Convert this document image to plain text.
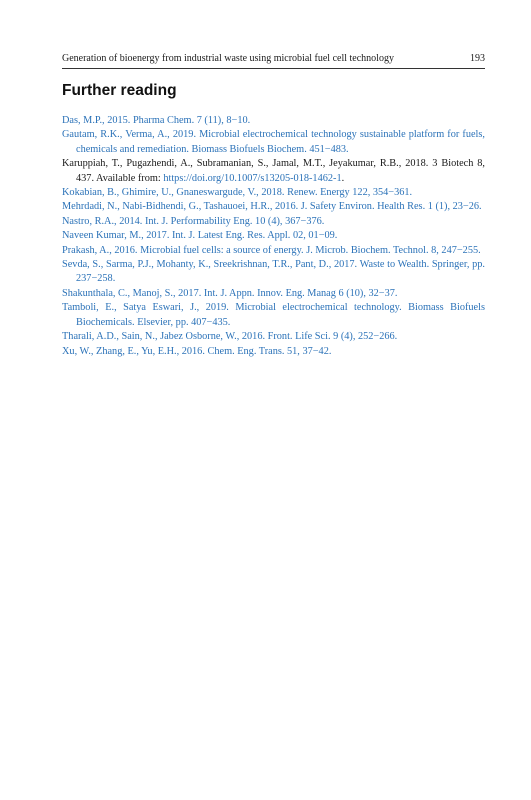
Generation of bioenergy from industrial waste using microbial fuel cell technology	193
Further reading
Das, M.P., 2015. Pharma Chem. 7 (11), 8−10.
Gautam, R.K., Verma, A., 2019. Microbial electrochemical technology sustainable platform for fuels, chemicals and remediation. Biomass Biofuels Biochem. 451−483.
Karuppiah, T., Pugazhendi, A., Subramanian, S., Jamal, M.T., Jeyakumar, R.B., 2018. 3 Biotech 8, 437. Available from: https://doi.org/10.1007/s13205-018-1462-1.
Kokabian, B., Ghimire, U., Gnaneswargude, V., 2018. Renew. Energy 122, 354−361.
Mehrdadi, N., Nabi-Bidhendi, G., Tashauoei, H.R., 2016. J. Safety Environ. Health Res. 1 (1), 23−26.
Nastro, R.A., 2014. Int. J. Performability Eng. 10 (4), 367−376.
Naveen Kumar, M., 2017. Int. J. Latest Eng. Res. Appl. 02, 01−09.
Prakash, A., 2016. Microbial fuel cells: a source of energy. J. Microb. Biochem. Technol. 8, 247−255.
Sevda, S., Sarma, P.J., Mohanty, K., Sreekrishnan, T.R., Pant, D., 2017. Waste to Wealth. Springer, pp. 237−258.
Shakunthala, C., Manoj, S., 2017. Int. J. Appn. Innov. Eng. Manag 6 (10), 32−37.
Tamboli, E., Satya Eswari, J., 2019. Microbial electrochemical technology. Biomass Biofuels Biochemicals. Elsevier, pp. 407−435.
Tharali, A.D., Sain, N., Jabez Osborne, W., 2016. Front. Life Sci. 9 (4), 252−266.
Xu, W., Zhang, E., Yu, E.H., 2016. Chem. Eng. Trans. 51, 37−42.
